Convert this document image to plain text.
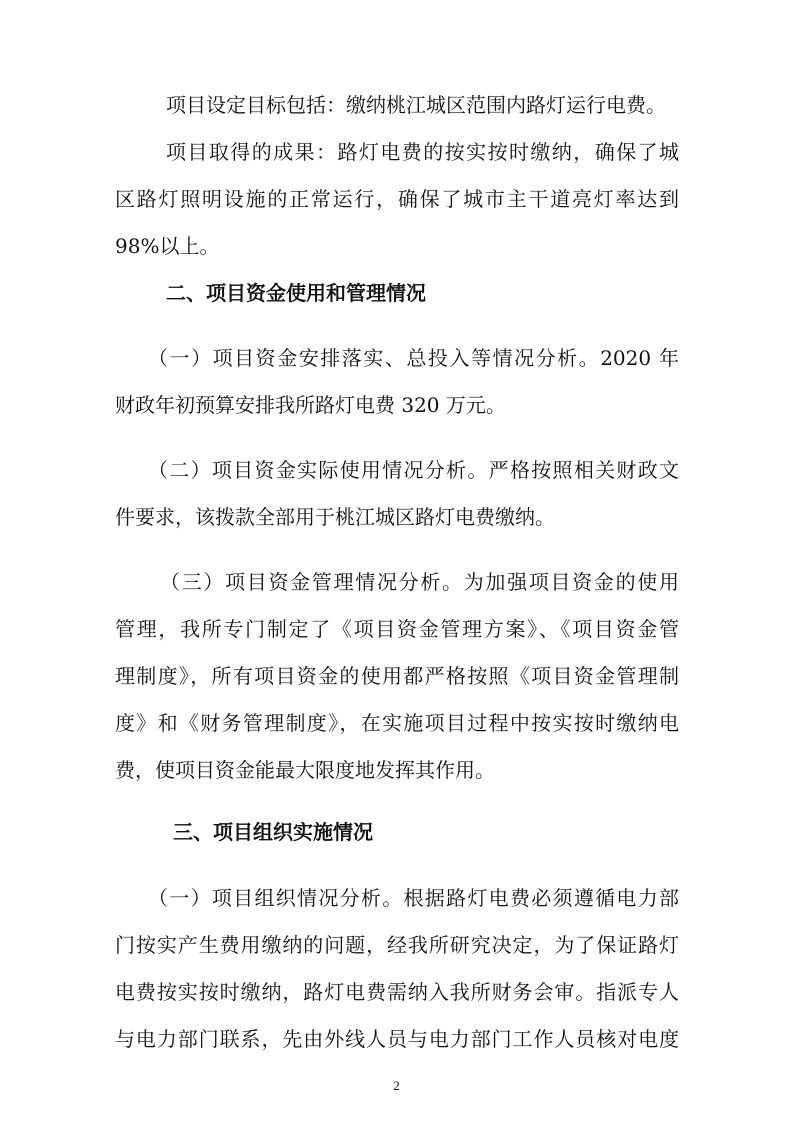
项目设定目标包括：缴纳桃江城区范围内路灯运行电费。
项目取得的成果：路灯电费的按实按时缴纳，确保了城
区路灯照明设施的正常运行，确保了城市主干道亮灯率达到
98%以上。
二、项目资金使用和管理情况
（一）项目资金安排落实、总投入等情况分析。2020 年
财政年初预算安排我所路灯电费 320 万元。
（二）项目资金实际使用情况分析。严格按照相关财政文
件要求，该拨款全部用于桃江城区路灯电费缴纳。
（三）项目资金管理情况分析。为加强项目资金的使用
管理，我所专门制定了《项目资金管理方案》、《项目资金管
理制度》，所有项目资金的使用都严格按照《项目资金管理制
度》和《财务管理制度》，在实施项目过程中按实按时缴纳电
费，使项目资金能最大限度地发挥其作用。
三、项目组织实施情况
（一）项目组织情况分析。根据路灯电费必须遵循电力部
门按实产生费用缴纳的问题，经我所研究决定，为了保证路灯
电费按实按时缴纳，路灯电费需纳入我所财务会审。指派专人
与电力部门联系，先由外线人员与电力部门工作人员核对电度
2
